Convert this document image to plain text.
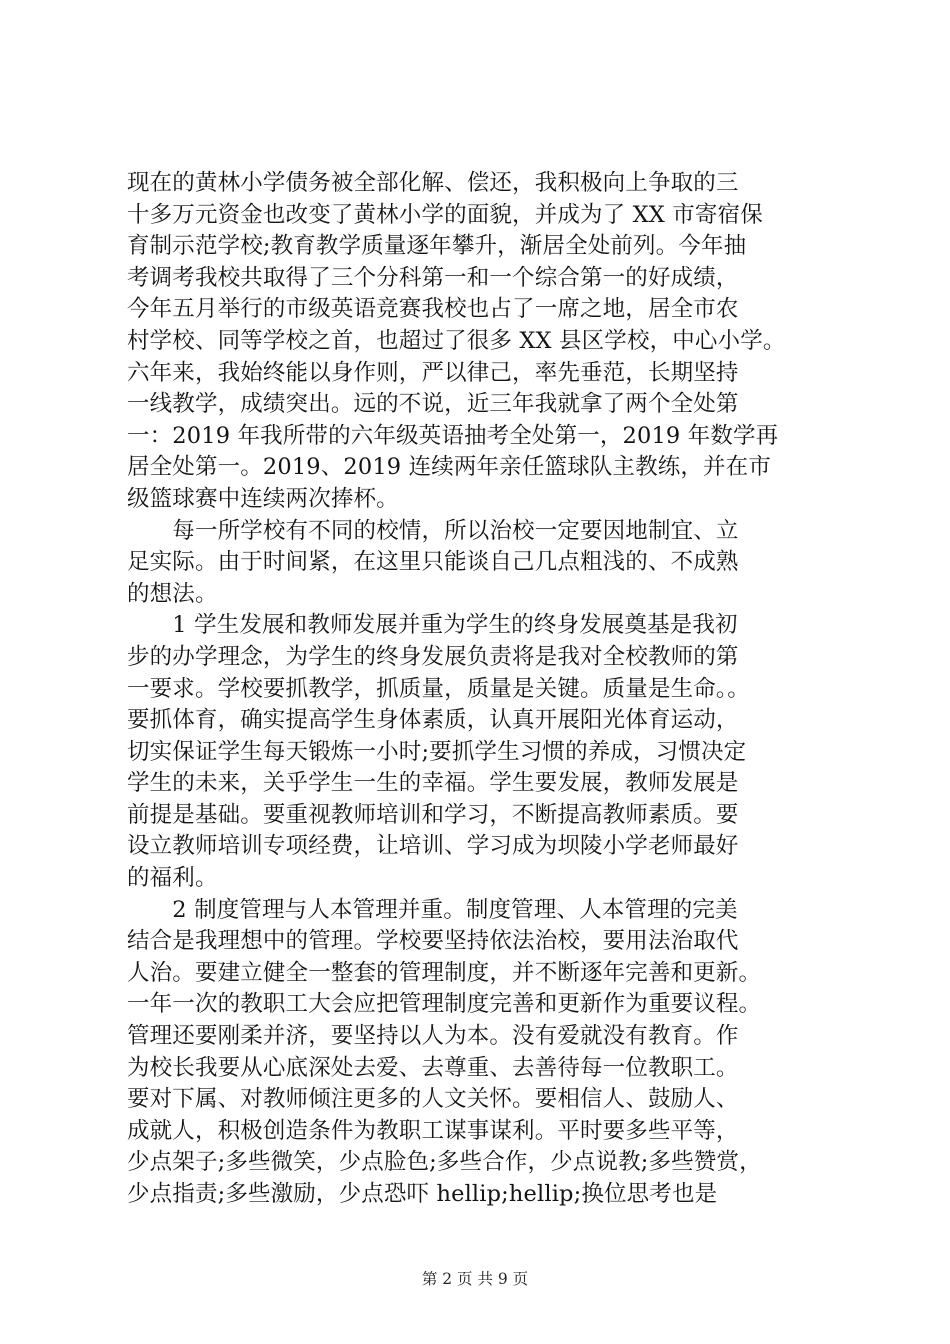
现在的黄林小学债务被全部化解、偿还，我积极向上争取的三
十多万元资金也改变了黄林小学的面貌，并成为了 XX 市寄宿保
育制示范学校;教育教学质量逐年攀升，渐居全处前列。今年抽
考调考我校共取得了三个分科第一和一个综合第一的好成绩，
今年五月举行的市级英语竞赛我校也占了一席之地，居全市农
村学校、同等学校之首，也超过了很多 XX 县区学校，中心小学。
六年来，我始终能以身作则，严以律己，率先垂范，长期坚持
一线教学，成绩突出。远的不说，近三年我就拿了两个全处第
一：2019 年我所带的六年级英语抽考全处第一，2019 年数学再
居全处第一。2019、2019 连续两年亲任篮球队主教练，并在市
级篮球赛中连续两次捧杯。
　　每一所学校有不同的校情，所以治校一定要因地制宜、立
足实际。由于时间紧，在这里只能谈自己几点粗浅的、不成熟
的想法。
　　1 学生发展和教师发展并重为学生的终身发展奠基是我初
步的办学理念，为学生的终身发展负责将是我对全校教师的第
一要求。学校要抓教学，抓质量，质量是关键。质量是生命。。
要抓体育，确实提高学生身体素质，认真开展阳光体育运动，
切实保证学生每天锻炼一小时;要抓学生习惯的养成，习惯决定
学生的未来，关乎学生一生的幸福。学生要发展，教师发展是
前提是基础。要重视教师培训和学习，不断提高教师素质。要
设立教师培训专项经费，让培训、学习成为坝陵小学老师最好
的福利。
　　2 制度管理与人本管理并重。制度管理、人本管理的完美
结合是我理想中的管理。学校要坚持依法治校，要用法治取代
人治。要建立健全一整套的管理制度，并不断逐年完善和更新。
一年一次的教职工大会应把管理制度完善和更新作为重要议程。
管理还要刚柔并济，要坚持以人为本。没有爱就没有教育。作
为校长我要从心底深处去爱、去尊重、去善待每一位教职工。
要对下属、对教师倾注更多的人文关怀。要相信人、鼓励人、
成就人，积极创造条件为教职工谋事谋利。平时要多些平等，
少点架子;多些微笑，少点脸色;多些合作，少点说教;多些赞赏，
少点指责;多些激励，少点恐吓 hellip;hellip;换位思考也是
第 2 页 共 9 页
